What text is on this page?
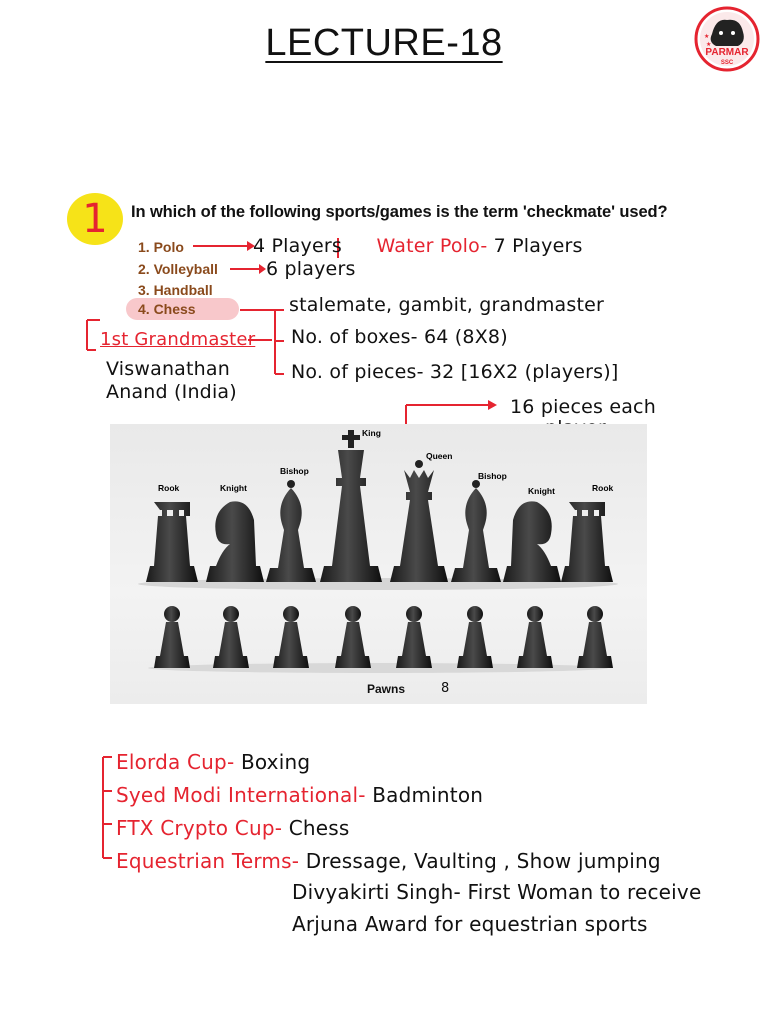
LECTURE-18	PARMAR
SSC
★
★
1	In which of the following sports/games is the term 'checkmate' used?
1. Polo
2. Volleyball
3. Handball
4. Chess
4 Players Water Polo- 7 Players
6 players
stalemate, gambit, grandmaster
No. of boxes- 64 (8X8)
No. of pieces- 32 [16X2 (players)]
1st Grandmaster
Viswanathan
Anand (India)
16 pieces each
Rook	Knight
Bishop
King
Queen
Bishop
Knight	Rook
Pawns	8
Elorda Cup- Boxing
Syed Modi International- Badminton
FTX Crypto Cup- Chess
Equestrian Terms- Dressage, Vaulting , Show jumping
Divyakirti Singh- First Woman to receive
Arjuna Award for equestrian sports
